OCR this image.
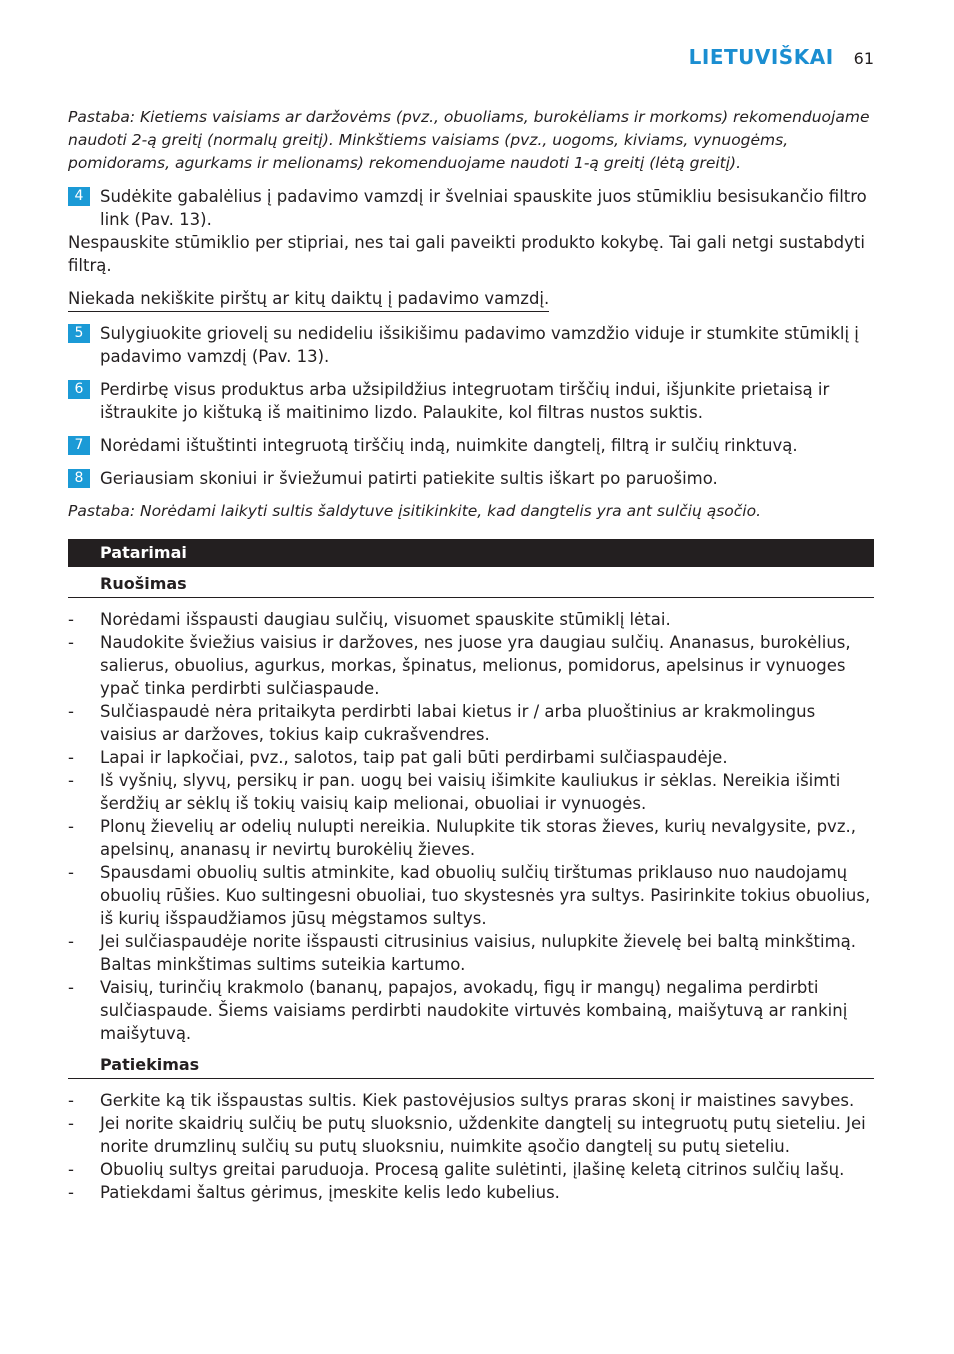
LIETUVIŠKAI 61

Pastaba: Kietiems vaisiams ar daržovėms (pvz., obuoliams, burokėliams ir morkoms) rekomenduojame naudoti 2-ą greitį (normalų greitį). Minkštiems vaisiams (pvz., uogoms, kiviams, vynuogėms, pomidorams, agurkams ir melionams) rekomenduojame naudoti 1-ą greitį (lėtą greitį).

4	Sudėkite gabalėlius į padavimo vamzdį ir švelniai spauskite juos stūmikliu besisukančio filtro link (Pav. 13).

Nespauskite stūmiklio per stipriai, nes tai gali paveikti produkto kokybę. Tai gali netgi sustabdyti filtrą.

Niekada nekiškite pirštų ar kitų daiktų į padavimo vamzdį.
5	Sulygiuokite griovelį su nedideliu išsikišimu padavimo vamzdžio viduje ir stumkite stūmiklį į padavimo vamzdį (Pav. 13).
6	Perdirbę visus produktus arba užsipildžius integruotam tirščių indui, išjunkite prietaisą ir ištraukite jo kištuką iš maitinimo lizdo. Palaukite, kol filtras nustos suktis.
7	Norėdami ištuštinti integruotą tirščių indą, nuimkite dangtelį, filtrą ir sulčių rinktuvą.
8	Geriausiam skoniui ir šviežumui patirti patiekite sultis iškart po paruošimo.

Pastaba: Norėdami laikyti sultis šaldytuve įsitikinkite, kad dangtelis yra ant sulčių ąsočio.

Patarimai
Ruošimas
-	Norėdami išspausti daugiau sulčių, visuomet spauskite stūmiklį lėtai.
-	Naudokite šviežius vaisius ir daržoves, nes juose yra daugiau sulčių. Ananasus, burokėlius, salierus, obuolius, agurkus, morkas, špinatus, melionus, pomidorus, apelsinus ir vynuoges ypač tinka perdirbti sulčiaspaude.
-	Sulčiaspaudė nėra pritaikyta perdirbti labai kietus ir / arba pluoštinius ar krakmolingus vaisius ar daržoves, tokius kaip cukrašvendres.
-	Lapai ir lapkočiai, pvz., salotos, taip pat gali būti perdirbami sulčiaspaudėje.
-	Iš vyšnių, slyvų, persikų ir pan. uogų bei vaisių išimkite kauliukus ir sėklas. Nereikia išimti šerdžių ar sėklų iš tokių vaisių kaip melionai, obuoliai ir vynuogės.
-	Plonų žievelių ar odelių nulupti nereikia. Nulupkite tik storas žieves, kurių nevalgysite, pvz., apelsinų, ananasų ir nevirtų burokėlių žieves.
-	Spausdami obuolių sultis atminkite, kad obuolių sulčių tirštumas priklauso nuo naudojamų obuolių rūšies. Kuo sultingesni obuoliai, tuo skystesnės yra sultys. Pasirinkite tokius obuolius, iš kurių išspaudžiamos jūsų mėgstamos sultys.
-	Jei sulčiaspaudėje norite išspausti citrusinius vaisius, nulupkite žievelę bei baltą minkštimą. Baltas minkštimas sultims suteikia kartumo.
-	Vaisių, turinčių krakmolo (bananų, papajos, avokadų, figų ir mangų) negalima perdirbti sulčiaspaude. Šiems vaisiams perdirbti naudokite virtuvės kombainą, maišytuvą ar rankinį maišytuvą.
Patiekimas
-	Gerkite ką tik išspaustas sultis. Kiek pastovėjusios sultys praras skonį ir maistines savybes.
-	Jei norite skaidrių sulčių be putų sluoksnio, uždenkite dangtelį su integruotų putų sieteliu. Jei norite drumzlinų sulčių su putų sluoksniu, nuimkite ąsočio dangtelį su putų sieteliu.
-	Obuolių sultys greitai paruduoja. Procesą galite sulėtinti, įlašinę keletą citrinos sulčių lašų.
-	Patiekdami šaltus gėrimus, įmeskite kelis ledo kubelius.
